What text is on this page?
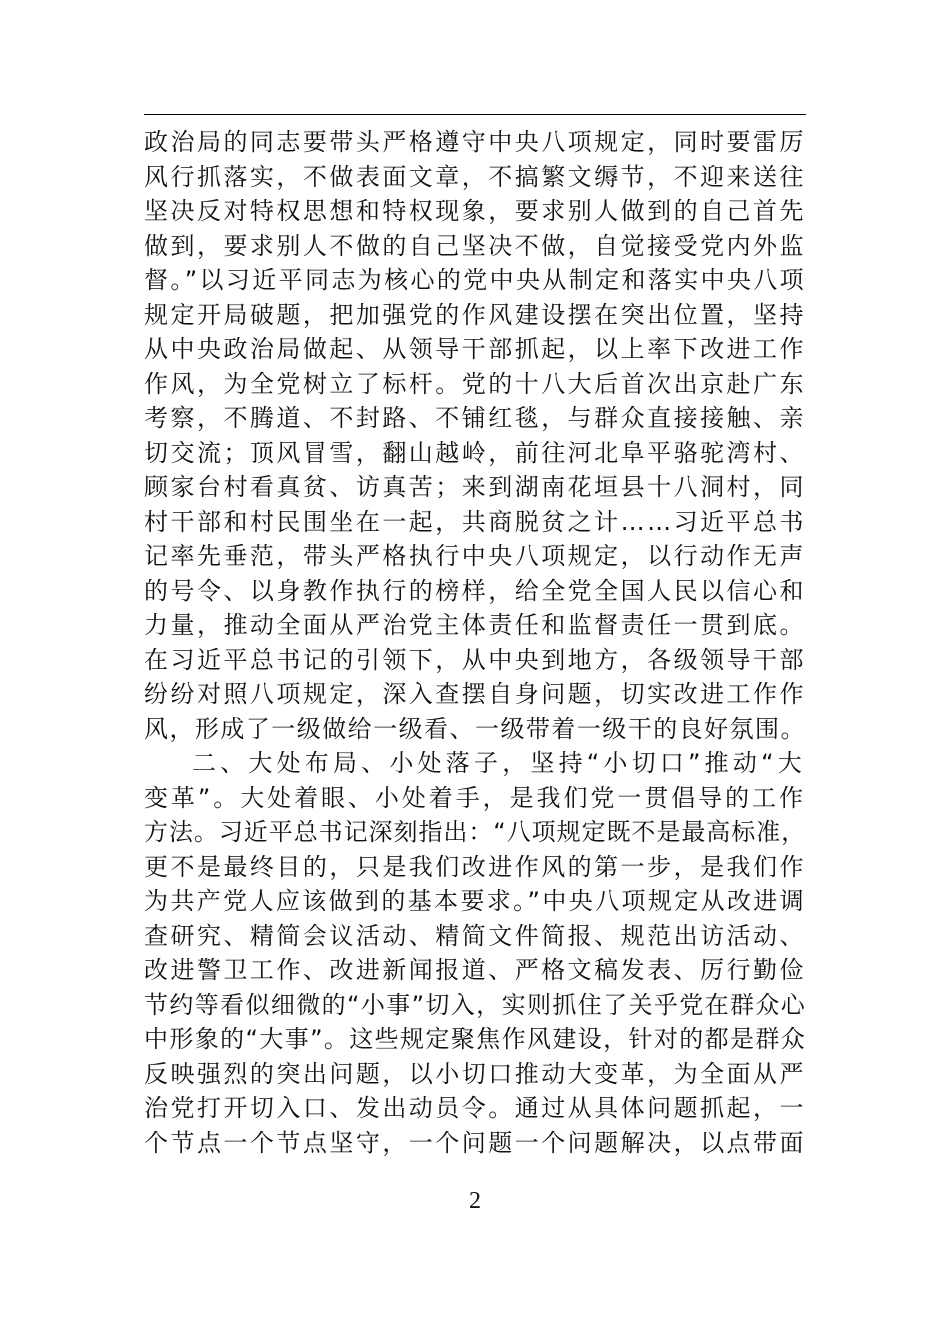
政治局的同志要带头严格遵守中央八项规定，同时要雷厉
风行抓落实，不做表面文章，不搞繁文缛节，不迎来送往
坚决反对特权思想和特权现象，要求别人做到的自己首先
做到，要求别人不做的自己坚决不做，自觉接受党内外监
督。”以习近平同志为核心的党中央从制定和落实中央八项
规定开局破题，把加强党的作风建设摆在突出位置，坚持
从中央政治局做起、从领导干部抓起，以上率下改进工作
作风，为全党树立了标杆。党的十八大后首次出京赴广东
考察，不腾道、不封路、不铺红毯，与群众直接接触、亲
切交流；顶风冒雪，翻山越岭，前往河北阜平骆驼湾村、
顾家台村看真贫、访真苦；来到湖南花垣县十八洞村，同
村干部和村民围坐在一起，共商脱贫之计……习近平总书
记率先垂范，带头严格执行中央八项规定，以行动作无声
的号令、以身教作执行的榜样，给全党全国人民以信心和
力量，推动全面从严治党主体责任和监督责任一贯到底。
在习近平总书记的引领下，从中央到地方，各级领导干部
纷纷对照八项规定，深入查摆自身问题，切实改进工作作
风，形成了一级做给一级看、一级带着一级干的良好氛围。
二、大处布局、小处落子，坚持“小切口”推动“大
变革”。大处着眼、小处着手，是我们党一贯倡导的工作
方法。习近平总书记深刻指出：“八项规定既不是最高标准，
更不是最终目的，只是我们改进作风的第一步，是我们作
为共产党人应该做到的基本要求。”中央八项规定从改进调
查研究、精简会议活动、精简文件简报、规范出访活动、
改进警卫工作、改进新闻报道、严格文稿发表、厉行勤俭
节约等看似细微的“小事”切入，实则抓住了关乎党在群众心
中形象的“大事”。这些规定聚焦作风建设，针对的都是群众
反映强烈的突出问题，以小切口推动大变革，为全面从严
治党打开切入口、发出动员令。通过从具体问题抓起，一
个节点一个节点坚守，一个问题一个问题解决，以点带面
2
